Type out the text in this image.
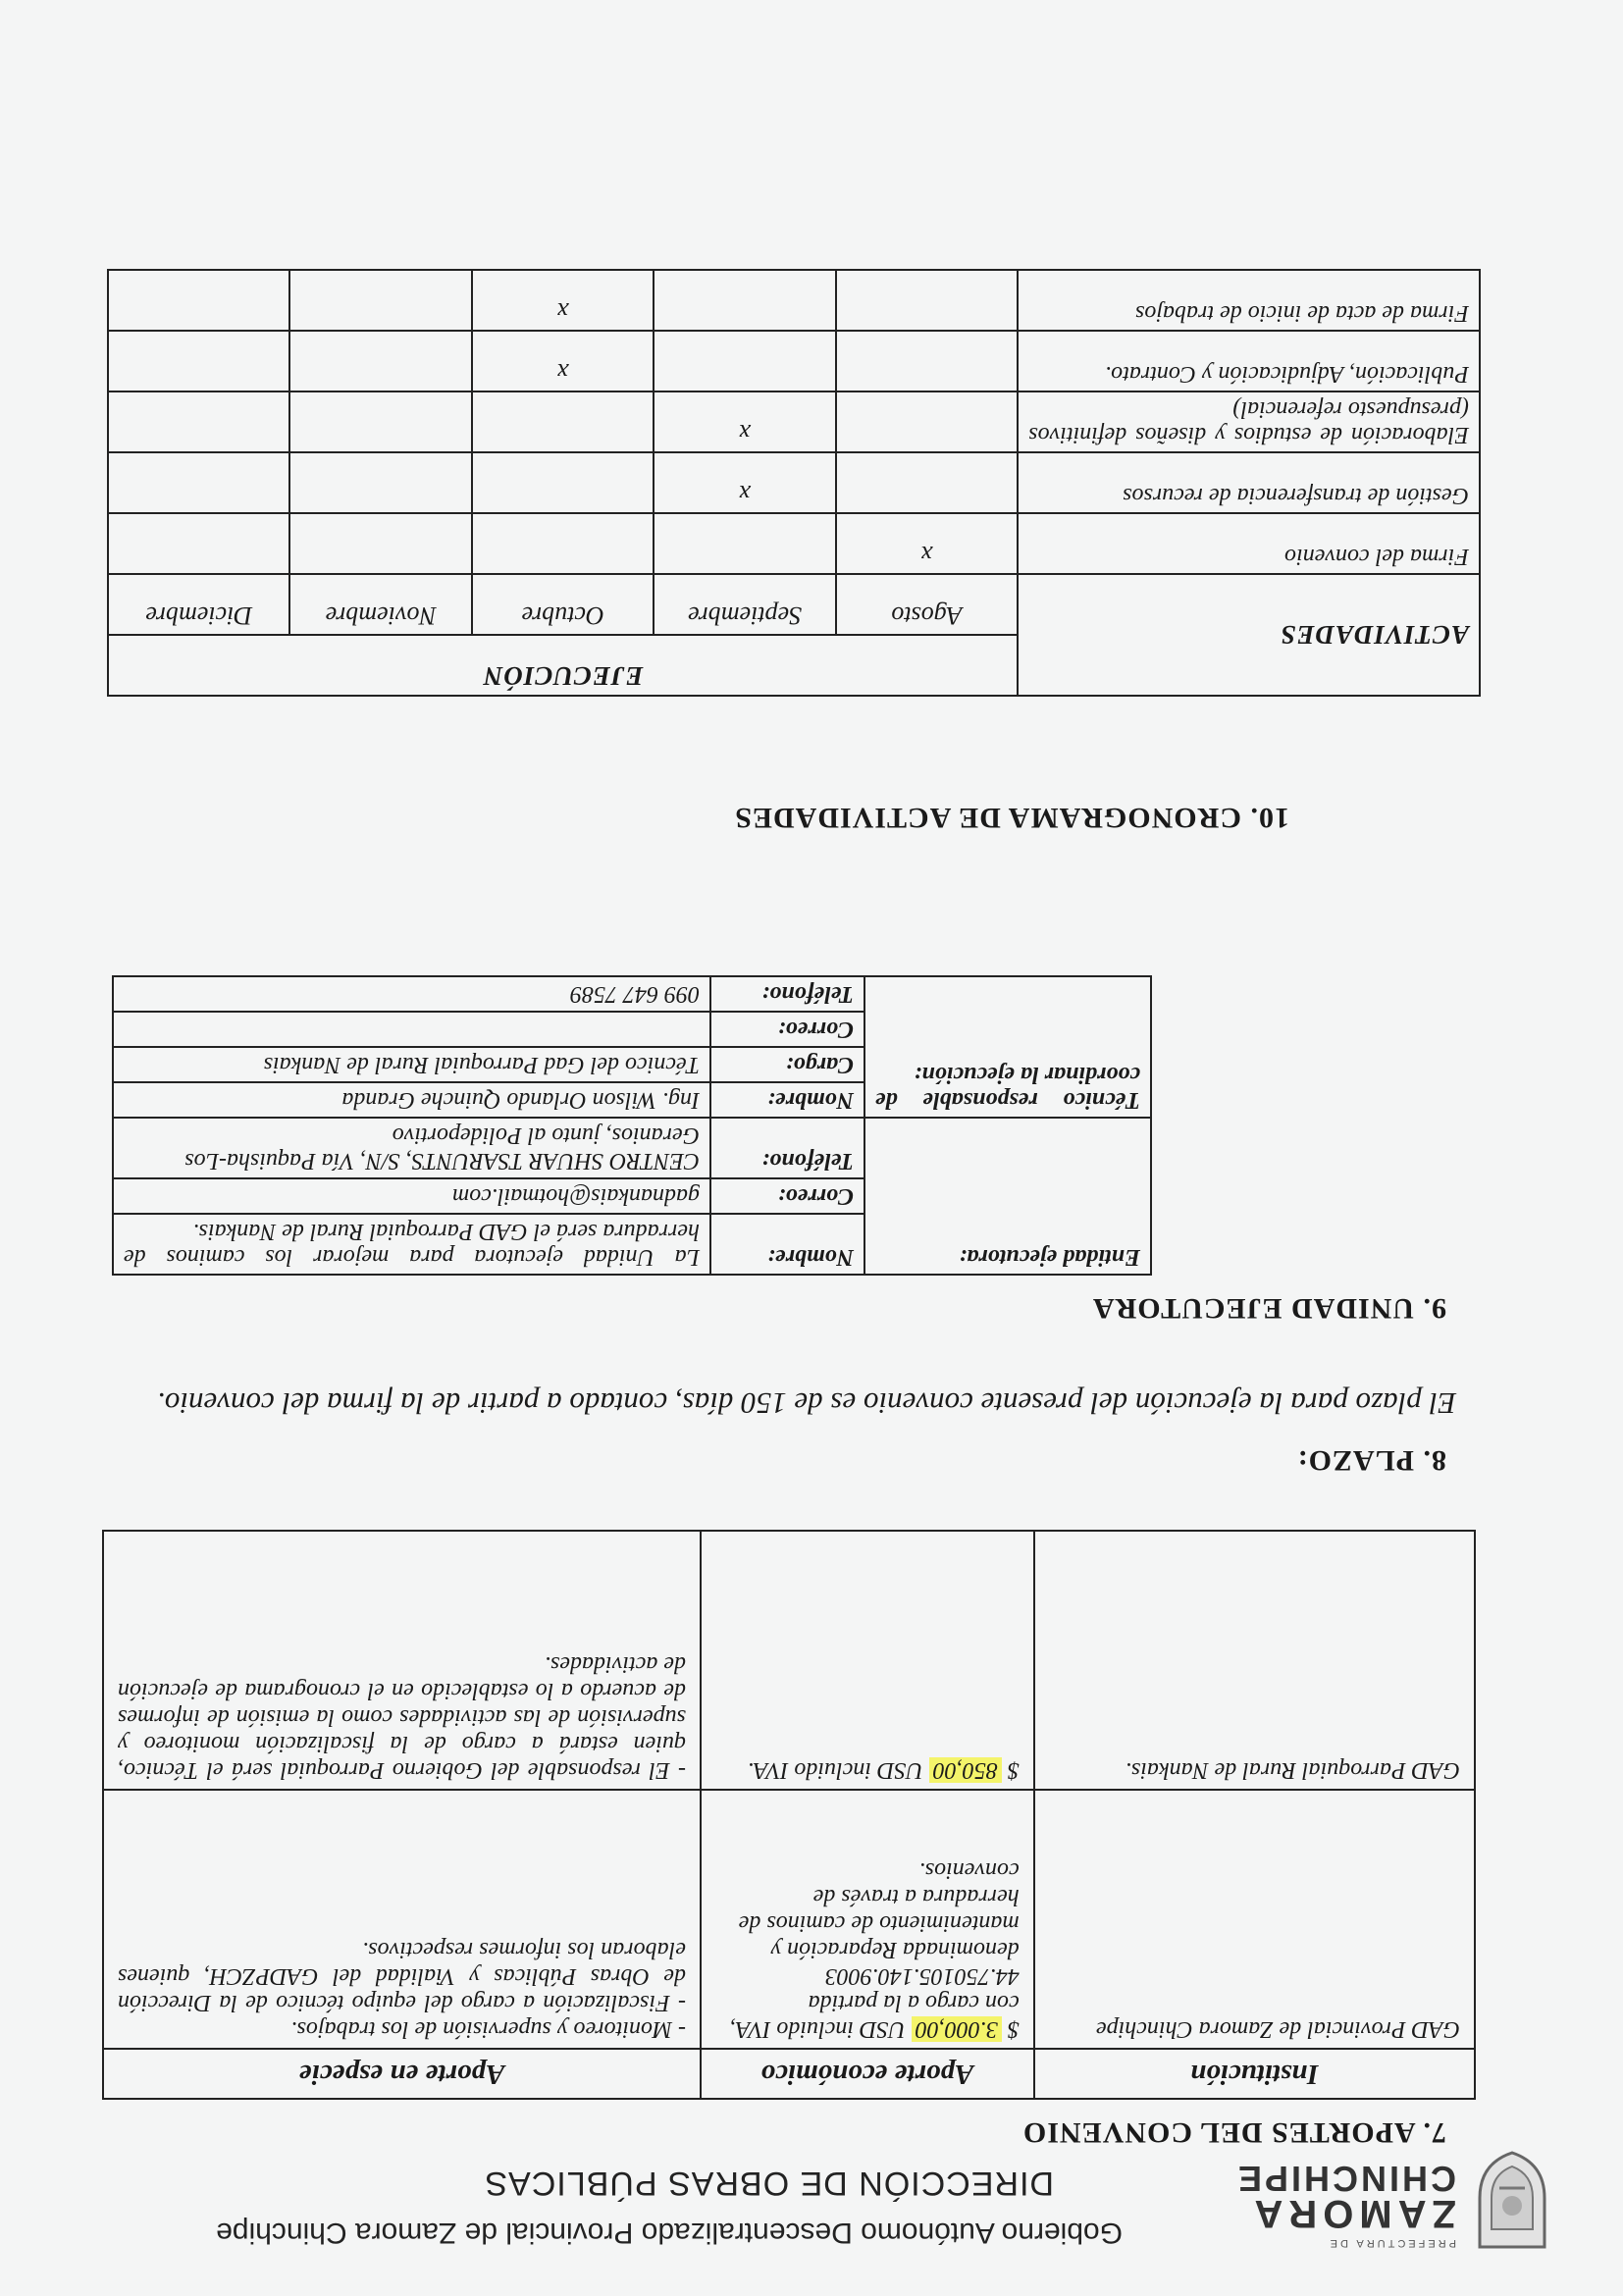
PREFECTURA DE
ZAMORA
CHINCHIPE
Gobierno Autónomo Descentralizado Provincial de Zamora Chinchipe
DIRECCIÓN DE OBRAS PÚBLICAS
7. APORTES DEL CONVENIO
Institución	Aporte económico	Aporte en especie
GAD Provincial de Zamora Chinchipe	$ 3.000,00 USD incluido IVA, con cargo a la partida 44.750105.140.9003 denominada Reparación y mantenimiento de caminos de herradura a través de convenios.	- Monitoreo y supervisión de los trabajos.
- Fiscalización a cargo del equipo técnico de la Dirección de Obras Públicas y Vialidad del GADPZCH, quienes elaboran los informes respectivos.
GAD Parroquial Rural de Nankais.	$ 850,00 USD incluido IVA.	- El responsable del Gobierno Parroquial será el Técnico, quien estará a cargo de la fiscalización monitoreo y supervisión de las actividades como la emisión de informes de acuerdo a lo establecido en el cronograma de ejecución de actividades.
8. PLAZO:
El plazo para la ejecución del presente convenio es de 150 días, contado a partir de la firma del convenio.
9. UNIDAD EJECUTORA
Entidad ejecutora:	Nombre:	La Unidad ejecutora para mejorar los caminos de herradura será el GAD Parroquial Rural de Nankais.
	Correo:	gadnankais@hotmail.com
	Teléfono:	CENTRO SHUAR TSARUNTS, S/N, Vía Paquisha-Los Geranios, junto al Polideportivo
Técnico responsable de coordinar la ejecución:	Nombre:	Ing. Wilson Orlando Quinche Granda
	Cargo:	Técnico del Gad Parroquial Rural de Nankais
	Correo:	
	Teléfono:	099 647 7589
10. CRONOGRAMA DE ACTIVIDADES
ACTIVIDADES	EJECUCIÓN				
	Agosto	Septiembre	Octubre	Noviembre	Diciembre
Firma del convenio	x				
Gestión de transferencia de recursos		x			
Elaboración de estudios y diseños definitivos (presupuesto referencial)		x			
Publicación, Adjudicación y Contrato.			x		
Firma de acta de inicio de trabajos			x		
